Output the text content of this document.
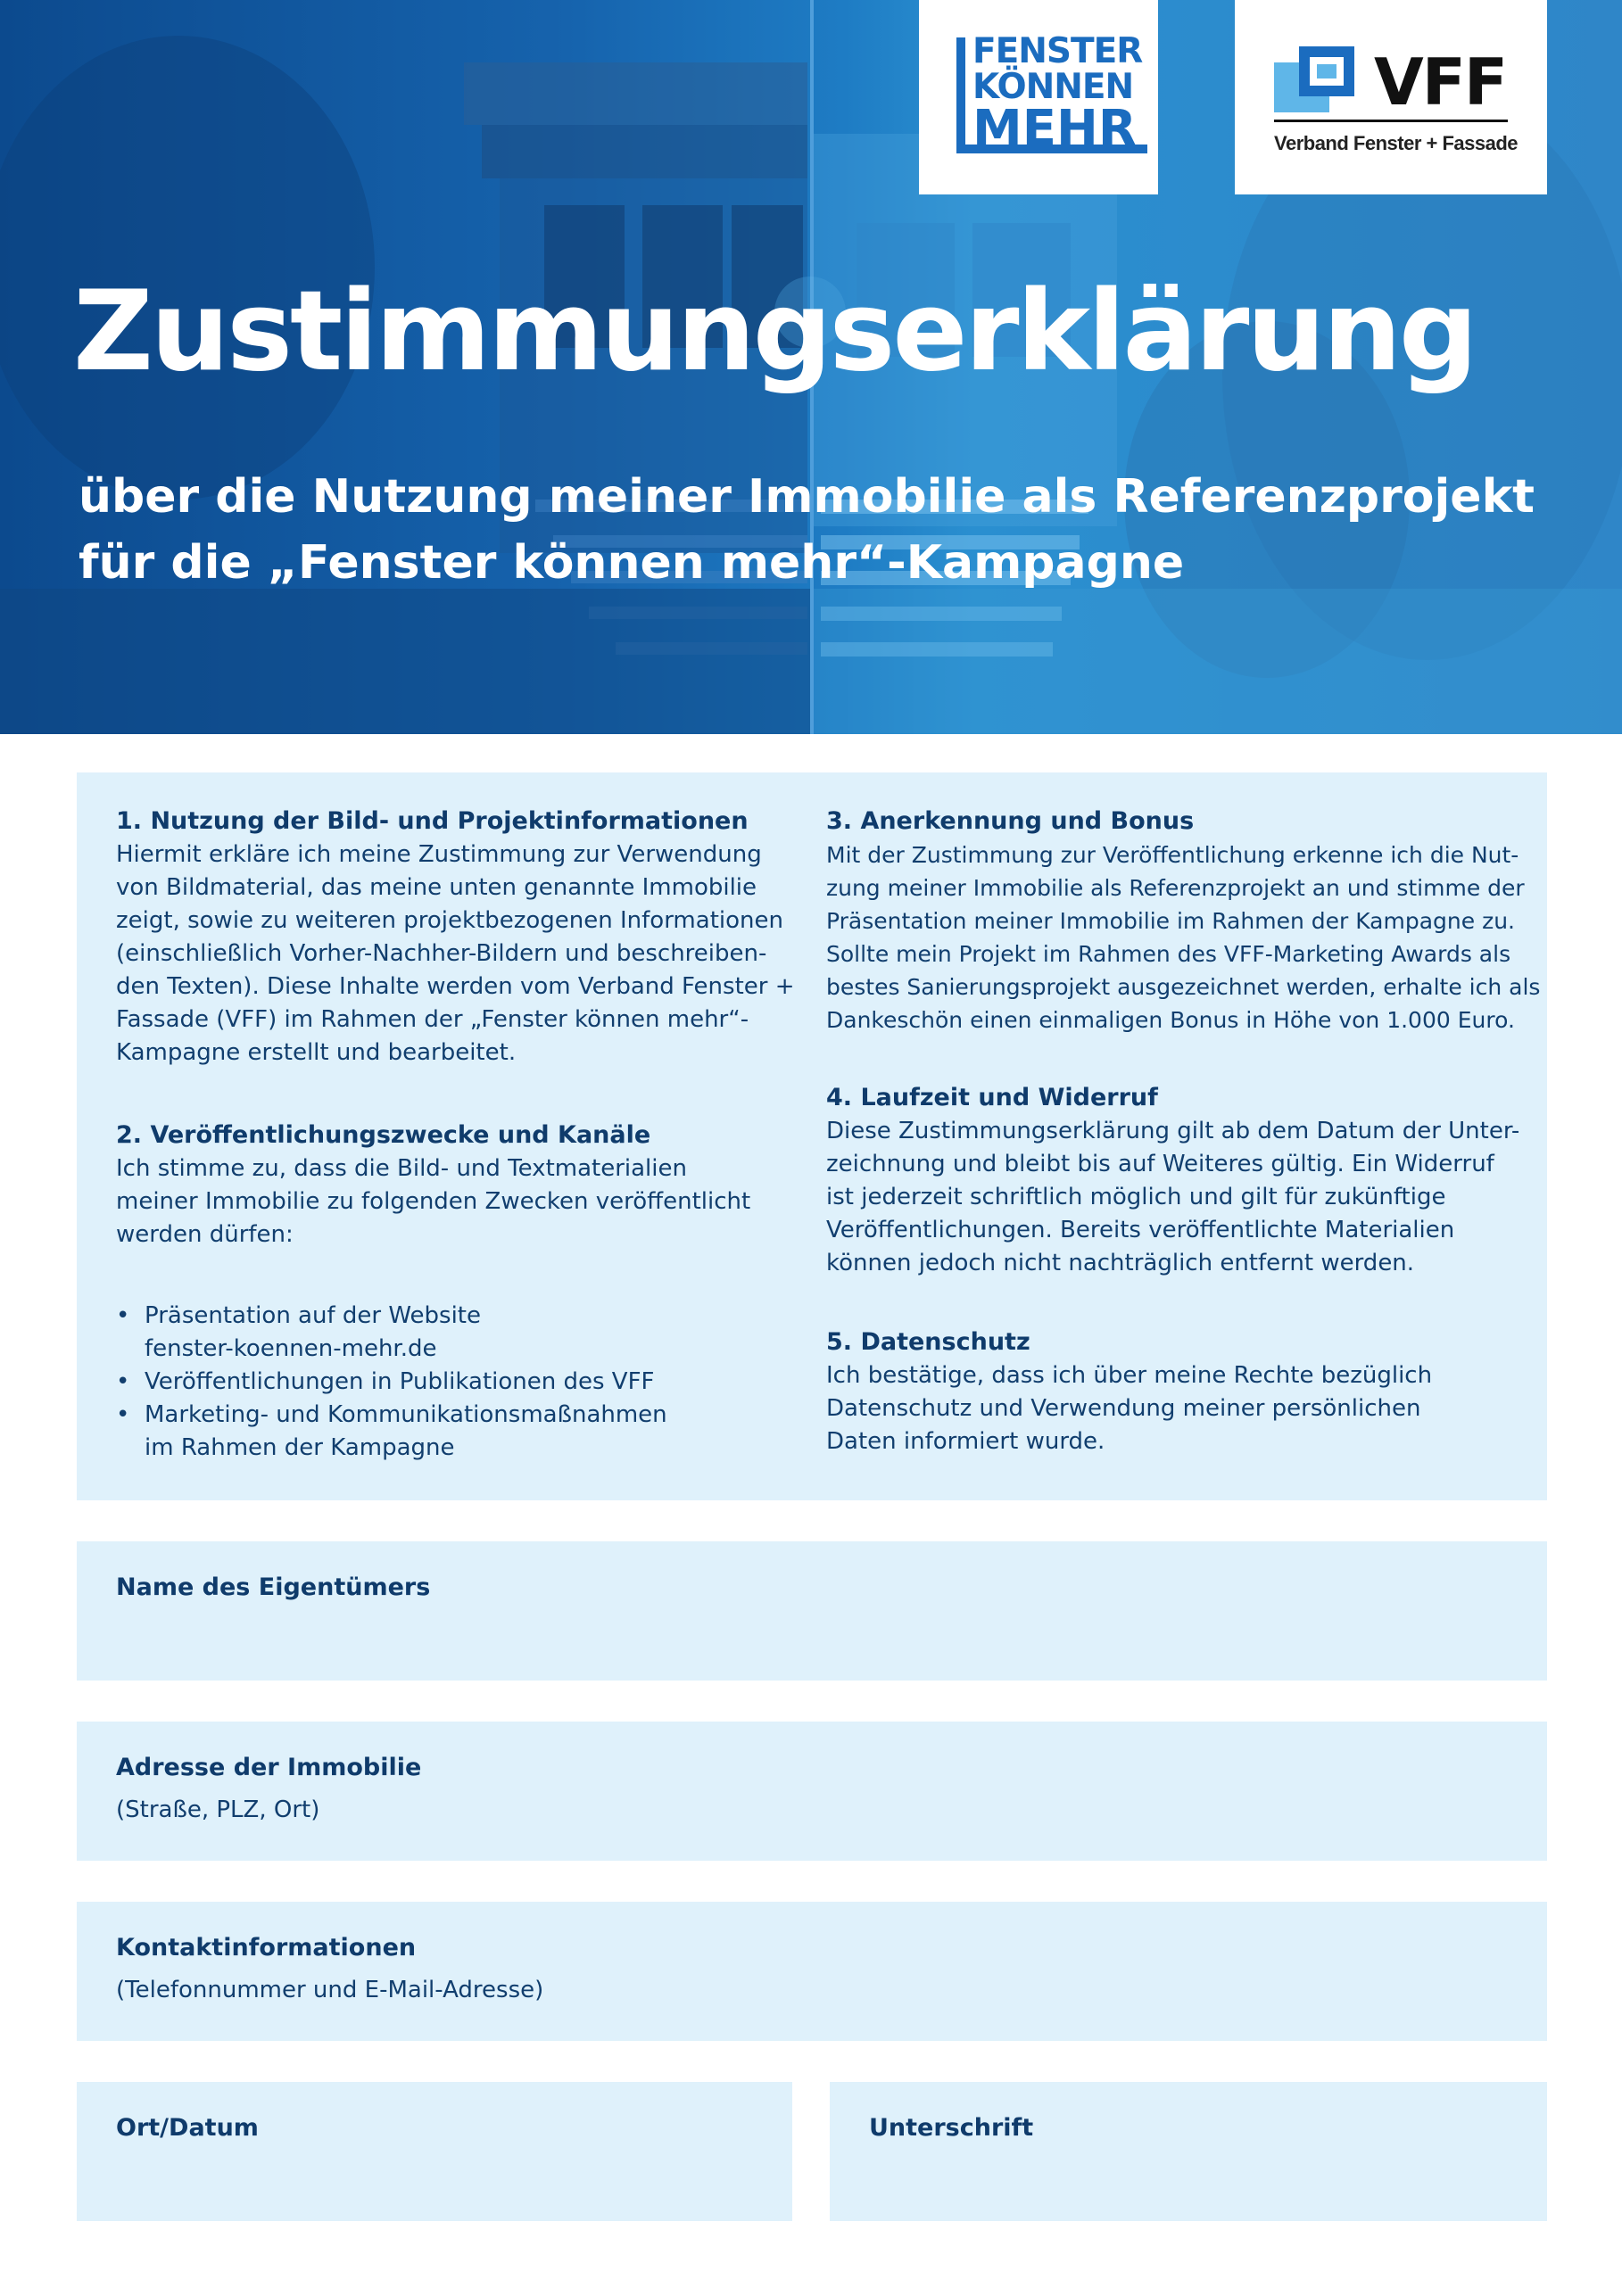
FENSTER
KÖNNEN
MEHR
VFF
Verband Fenster + Fassade
Zustimmungserklärung

über die Nutzung meiner Immobilie als Referenzprojekt
für die „Fenster können mehr“-Kampagne

1. Nutzung der Bild- und Projektinformationen

Hiermit erkläre ich meine Zustimmung zur Verwendung
von Bildmaterial, das meine unten genannte Immobilie
zeigt, sowie zu weiteren projektbezogenen Informationen
(einschließlich Vorher-Nachher-Bildern und beschreiben-
den Texten). Diese Inhalte werden vom Verband Fenster +
Fassade (VFF) im Rahmen der „Fenster können mehr“-
Kampagne erstellt und bearbeitet.

2. Veröffentlichungszwecke und Kanäle

Ich stimme zu, dass die Bild- und Textmaterialien
meiner Immobilie zu folgenden Zwecken veröffentlicht
werden dürfen:

• Präsentation auf der Website
fenster-koennen-mehr.de
• Veröffentlichungen in Publikationen des VFF
• Marketing- und Kommunikationsmaßnahmen
im Rahmen der Kampagne
3. Anerkennung und Bonus

Mit der Zustimmung zur Veröffentlichung erkenne ich die Nut-
zung meiner Immobilie als Referenzprojekt an und stimme der
Präsentation meiner Immobilie im Rahmen der Kampagne zu.
Sollte mein Projekt im Rahmen des VFF-Marketing Awards als
bestes Sanierungsprojekt ausgezeichnet werden, erhalte ich als
Dankeschön einen einmaligen Bonus in Höhe von 1.000 Euro.

4. Laufzeit und Widerruf

Diese Zustimmungserklärung gilt ab dem Datum der Unter-
zeichnung und bleibt bis auf Weiteres gültig. Ein Widerruf
ist jederzeit schriftlich möglich und gilt für zukünftige
Veröffentlichungen. Bereits veröffentlichte Materialien
können jedoch nicht nachträglich entfernt werden.

5. Datenschutz

Ich bestätige, dass ich über meine Rechte bezüglich
Datenschutz und Verwendung meiner persönlichen
Daten informiert wurde.

Name des Eigentümers

Adresse der Immobilie

(Straße, PLZ, Ort)

Kontaktinformationen

(Telefonnummer und E-Mail-Adresse)

Ort/Datum	Unterschrift
